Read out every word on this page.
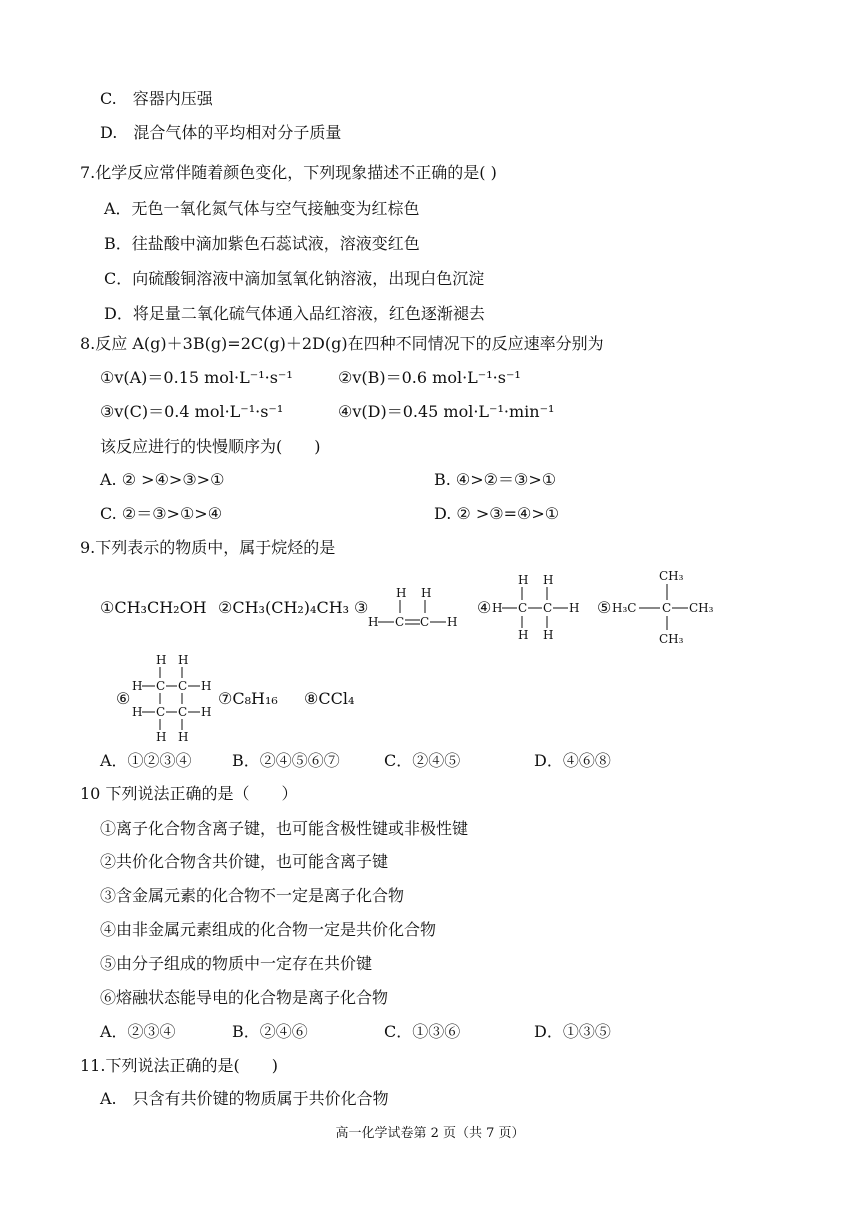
C.　容器内压强
D.　混合气体的平均相对分子质量
7.化学反应常伴随着颜色变化，下列现象描述不正确的是( )
A．无色一氧化氮气体与空气接触变为红棕色
B．往盐酸中滴加紫色石蕊试液，溶液变红色
C．向硫酸铜溶液中滴加氢氧化钠溶液，出现白色沉淀
D．将足量二氧化硫气体通入品红溶液，红色逐渐褪去
8.反应 A(g)＋3B(g)=2C(g)＋2D(g)在四种不同情况下的反应速率分别为
①v(A)＝0.15 mol·L⁻¹·s⁻¹	②v(B)＝0.6 mol·L⁻¹·s⁻¹
③v(C)＝0.4 mol·L⁻¹·s⁻¹	④v(D)＝0.45 mol·L⁻¹·min⁻¹
该反应进行的快慢顺序为(　　)
A. ② >④>③>①	B. ④>②＝③>①
C. ②＝③>①>④	D. ② >③=④>①
9.下列表示的物质中，属于烷烃的是
①CH₃CH₂OH ②CH₃(CH₂)₄CH₃ ③
H H
H C C H
④
H H
H C C H
H H
⑤
CH₃
H₃C C CH₃
CH₃
⑥
H H
H C C H
H C C H
H H
⑦C₈H₁₆ ⑧CCl₄
A．①②③④	B．②④⑤⑥⑦	C．②④⑤	D．④⑥⑧
10 下列说法正确的是（　　）
①离子化合物含离子键，也可能含极性键或非极性键
②共价化合物含共价键，也可能含离子键
③含金属元素的化合物不一定是离子化合物
④由非金属元素组成的化合物一定是共价化合物
⑤由分子组成的物质中一定存在共价键
⑥熔融状态能导电的化合物是离子化合物
A．②③④	B．②④⑥	C．①③⑥	D．①③⑤
11.下列说法正确的是(　　)
A.　只含有共价键的物质属于共价化合物
高一化学试卷第 2 页（共 7 页）
